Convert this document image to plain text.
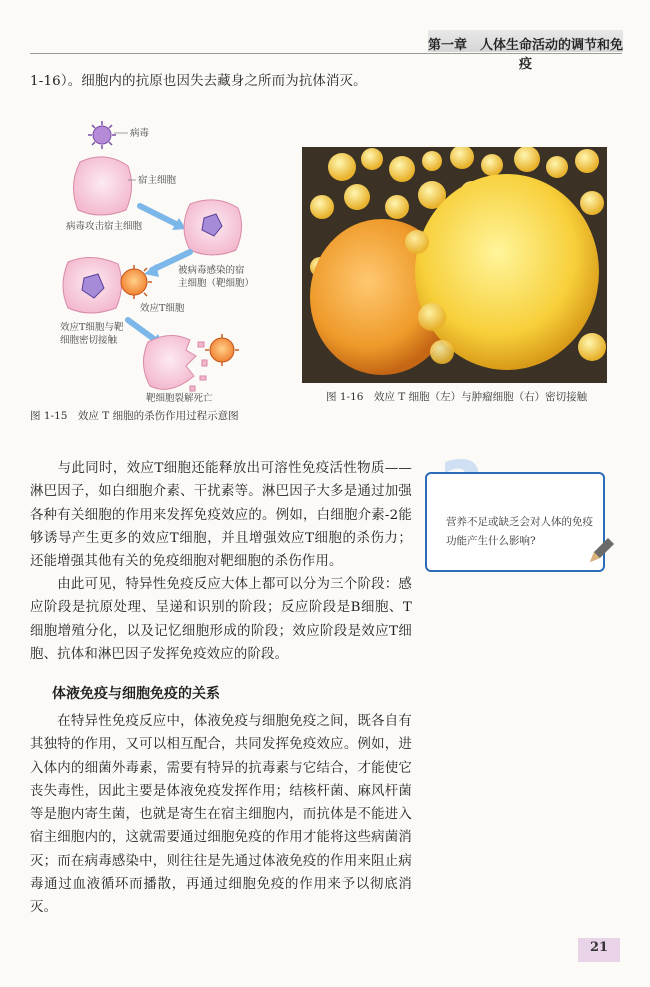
第一章　人体生命活动的调节和免疫
1-16）。细胞内的抗原也因失去藏身之所而为抗体消灭。
病毒
宿主细胞
病毒攻击宿主细胞
被病毒感染的宿
主细胞（靶细胞）
效应T细胞
效应T细胞与靶
细胞密切接触
靶细胞裂解死亡
图 1-15　效应 T 细胞的杀伤作用过程示意图
图 1-16　效应 T 细胞（左）与肿瘤细胞（右）密切接触
营养不足或缺乏会对人体的免疫功能产生什么影响?
　　与此同时，效应T细胞还能释放出可溶性免疫活性物质——淋巴因子，如白细胞介素、干扰素等。淋巴因子大多是通过加强各种有关细胞的作用来发挥免疫效应的。例如，白细胞介素-2能够诱导产生更多的效应T细胞，并且增强效应T细胞的杀伤力；还能增强其他有关的免疫细胞对靶细胞的杀伤作用。
　　由此可见，特异性免疫反应大体上都可以分为三个阶段：感应阶段是抗原处理、呈递和识别的阶段；反应阶段是B细胞、T细胞增殖分化，以及记忆细胞形成的阶段；效应阶段是效应T细胞、抗体和淋巴因子发挥免疫效应的阶段。
体液免疫与细胞免疫的关系
　　在特异性免疫反应中，体液免疫与细胞免疫之间，既各自有其独特的作用，又可以相互配合，共同发挥免疫效应。例如，进入体内的细菌外毒素，需要有特异的抗毒素与它结合，才能使它丧失毒性，因此主要是体液免疫发挥作用；结核杆菌、麻风杆菌等是胞内寄生菌，也就是寄生在宿主细胞内，而抗体是不能进入宿主细胞内的，这就需要通过细胞免疫的作用才能将这些病菌消灭；而在病毒感染中，则往往是先通过体液免疫的作用来阻止病毒通过血液循环而播散，再通过细胞免疫的作用来予以彻底消灭。
21
